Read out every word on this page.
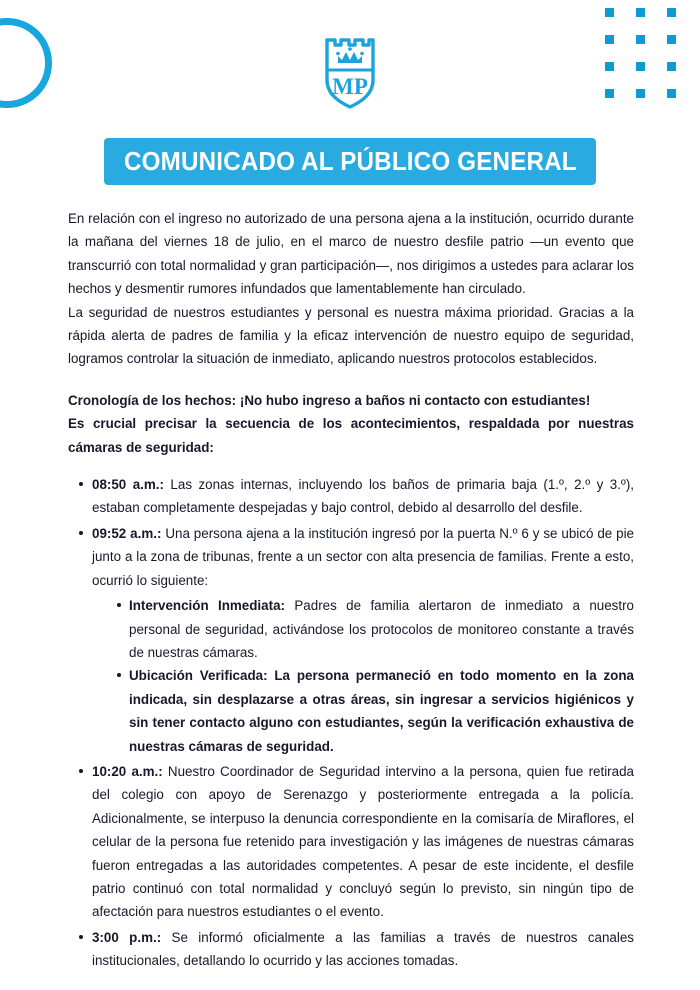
MP
COMUNICADO AL PÚBLICO GENERAL

En relación con el ingreso no autorizado de una persona ajena a la institución, ocurrido durante la mañana del viernes 18 de julio, en el marco de nuestro desfile patrio —un evento que transcurrió con total normalidad y gran participación—, nos dirigimos a ustedes para aclarar los hechos y desmentir rumores infundados que lamentablemente han circulado.

La seguridad de nuestros estudiantes y personal es nuestra máxima prioridad. Gracias a la rápida alerta de padres de familia y la eficaz intervención de nuestro equipo de seguridad, logramos controlar la situación de inmediato, aplicando nuestros protocolos establecidos.

Cronología de los hechos: ¡No hubo ingreso a baños ni contacto con estudiantes!
Es crucial precisar la secuencia de los acontecimientos, respaldada por nuestras cámaras de seguridad:
08:50 a.m.: Las zonas internas, incluyendo los baños de primaria baja (1.º, 2.º y 3.º), estaban completamente despejadas y bajo control, debido al desarrollo del desfile.
09:52 a.m.: Una persona ajena a la institución ingresó por la puerta N.º 6 y se ubicó de pie junto a la zona de tribunas, frente a un sector con alta presencia de familias. Frente a esto, ocurrió lo siguiente:
Intervención Inmediata: Padres de familia alertaron de inmediato a nuestro personal de seguridad, activándose los protocolos de monitoreo constante a través de nuestras cámaras.
Ubicación Verificada: La persona permaneció en todo momento en la zona indicada, sin desplazarse a otras áreas, sin ingresar a servicios higiénicos y sin tener contacto alguno con estudiantes, según la verificación exhaustiva de nuestras cámaras de seguridad.
10:20 a.m.: Nuestro Coordinador de Seguridad intervino a la persona, quien fue retirada del colegio con apoyo de Serenazgo y posteriormente entregada a la policía. Adicionalmente, se interpuso la denuncia correspondiente en la comisaría de Miraflores, el celular de la persona fue retenido para investigación y las imágenes de nuestras cámaras fueron entregadas a las autoridades competentes. A pesar de este incidente, el desfile patrio continuó con total normalidad y concluyó según lo previsto, sin ningún tipo de afectación para nuestros estudiantes o el evento.
3:00 p.m.: Se informó oficialmente a las familias a través de nuestros canales institucionales, detallando lo ocurrido y las acciones tomadas.
